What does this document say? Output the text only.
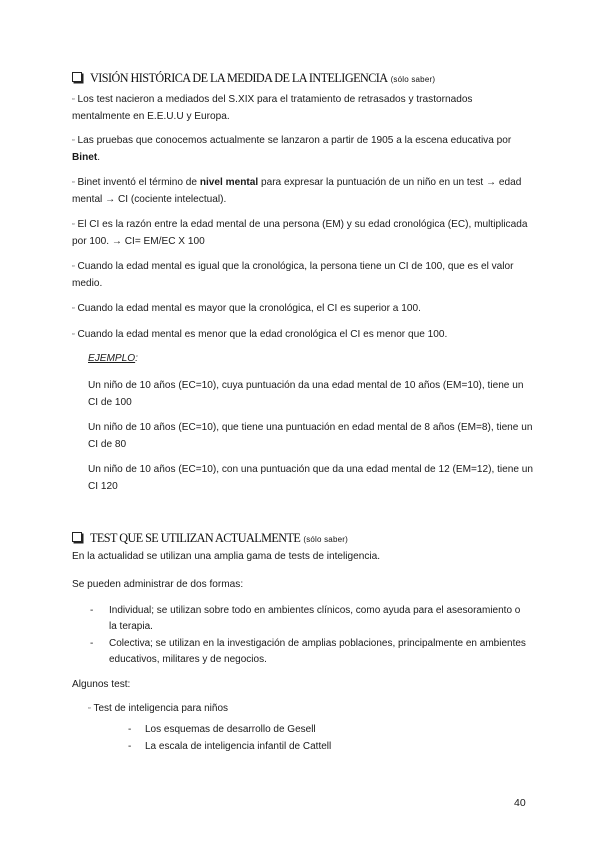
VISIÓN HISTÓRICA DE LA MEDIDA DE LA INTELIGENCIA (sólo saber)
▫ Los test nacieron a mediados del S.XIX para el tratamiento de retrasados y trastornados mentalmente en E.E.U.U y Europa.
▫ Las pruebas que conocemos actualmente se lanzaron a partir de 1905 a la escena educativa por Binet.
▫ Binet inventó el término de nivel mental para expresar la puntuación de un niño en un test → edad mental → CI (cociente intelectual).
▫ El CI es la razón entre la edad mental de una persona (EM) y su edad cronológica (EC), multiplicada por 100. → CI= EM/EC X 100
▫ Cuando la edad mental es igual que la cronológica, la persona tiene un CI de 100, que es el valor medio.
▫ Cuando la edad mental es mayor que la cronológica, el CI es superior a 100.
▫ Cuando la edad mental es menor que la edad cronológica el CI es menor que 100.
EJEMPLO:
Un niño de 10 años (EC=10), cuya puntuación da una edad mental de 10 años (EM=10), tiene un CI de 100
Un niño de 10 años (EC=10), que tiene una puntuación en edad mental de 8 años (EM=8), tiene un CI de 80
Un niño de 10 años (EC=10), con una puntuación que da una edad mental de 12 (EM=12), tiene un CI 120
TEST QUE SE UTILIZAN ACTUALMENTE (sólo saber)
En la actualidad se utilizan una amplia gama de tests de inteligencia.
Se pueden administrar de dos formas:
- Individual; se utilizan sobre todo en ambientes clínicos, como ayuda para el asesoramiento o la terapia.
- Colectiva; se utilizan en la investigación de amplias poblaciones, principalmente en ambientes educativos, militares y de negocios.
Algunos test:
▫ Test de inteligencia para niños
- Los esquemas de desarrollo de Gesell
- La escala de inteligencia infantil de Cattell
40
